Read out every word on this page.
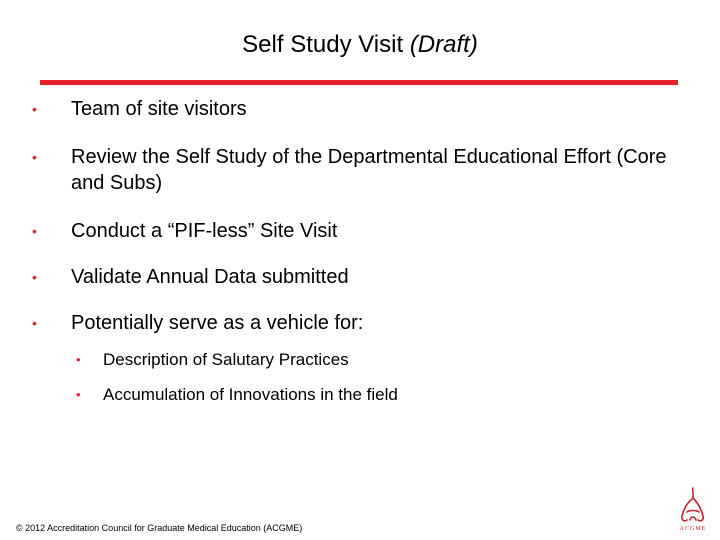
Self Study Visit (Draft)
•	Team of site visitors
•	Review the Self Study of the Departmental Educational Effort (Core and Subs)
•	Conduct a “PIF-less” Site Visit
•	Validate Annual Data submitted
•	Potentially serve as a vehicle for:
• Description of Salutary Practices
• Accumulation of Innovations in the field
© 2012 Accreditation Council for Graduate Medical Education (ACGME)	ACGME
